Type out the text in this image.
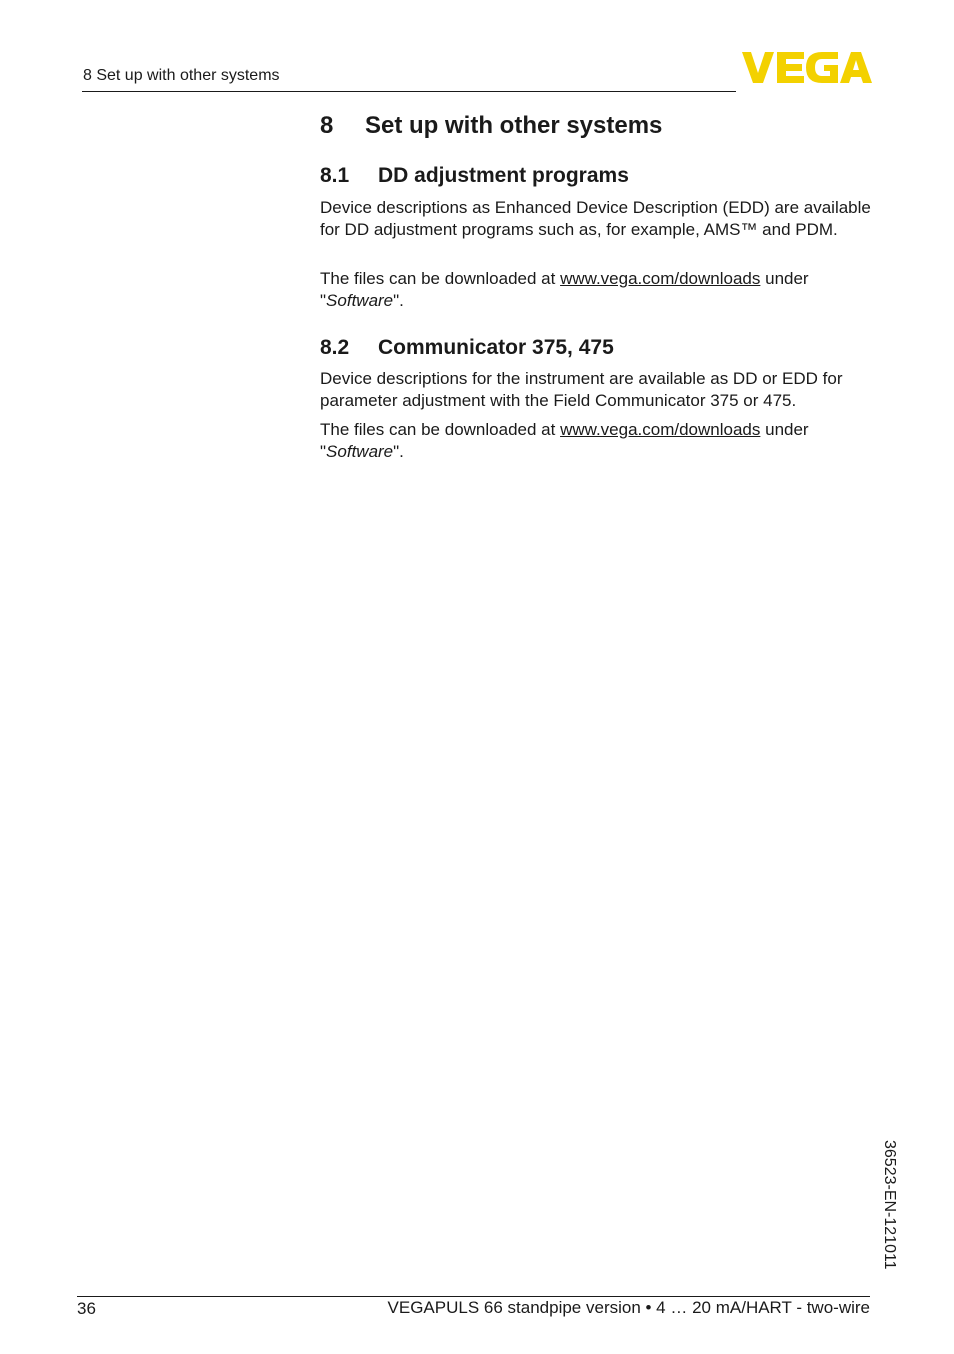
8 Set up with other systems
8 Set up with other systems
8.1 DD adjustment programs

Device descriptions as Enhanced Device Description (EDD) are available for DD adjustment programs such as, for example, AMS™ and PDM.

The files can be downloaded at www.vega.com/downloads under "Software".

8.2 Communicator 375, 475

Device descriptions for the instrument are available as DD or EDD for parameter adjustment with the Field Communicator 375 or 475.

The files can be downloaded at www.vega.com/downloads under "Software".

36523-EN-121011
36	VEGAPULS 66 standpipe version • 4 … 20 mA/HART - two-wire
